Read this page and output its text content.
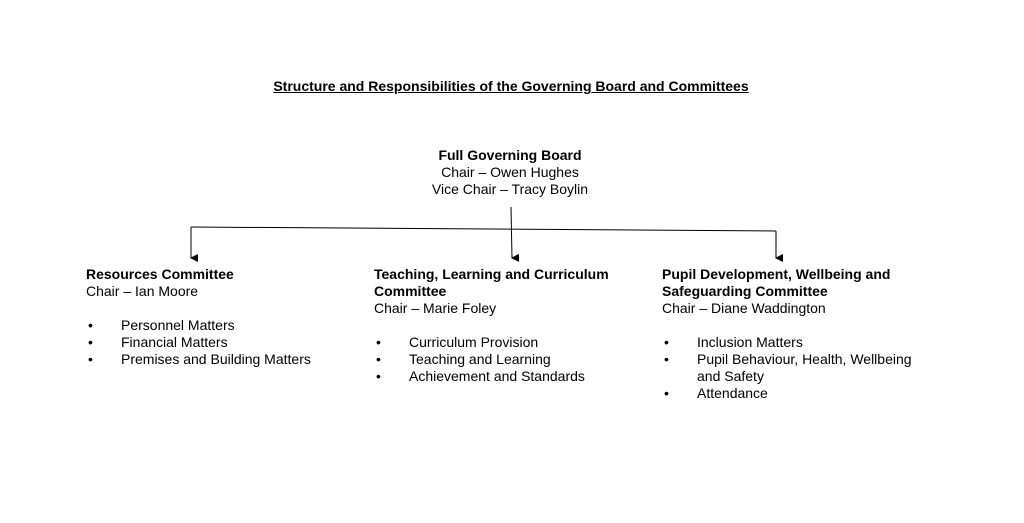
Structure and Responsibilities of the Governing Board and Committees
Full Governing Board
Chair – Owen Hughes
Vice Chair – Tracy Boylin
Resources Committee
Chair – Ian Moore
• Personnel Matters
• Financial Matters
• Premises and Building Matters
Teaching, Learning and Curriculum
Committee
Chair – Marie Foley
• Curriculum Provision
• Teaching and Learning
• Achievement and Standards
Pupil Development, Wellbeing and
Safeguarding Committee
Chair – Diane Waddington
• Inclusion Matters
• Pupil Behaviour, Health, Wellbeing
and Safety
• Attendance
